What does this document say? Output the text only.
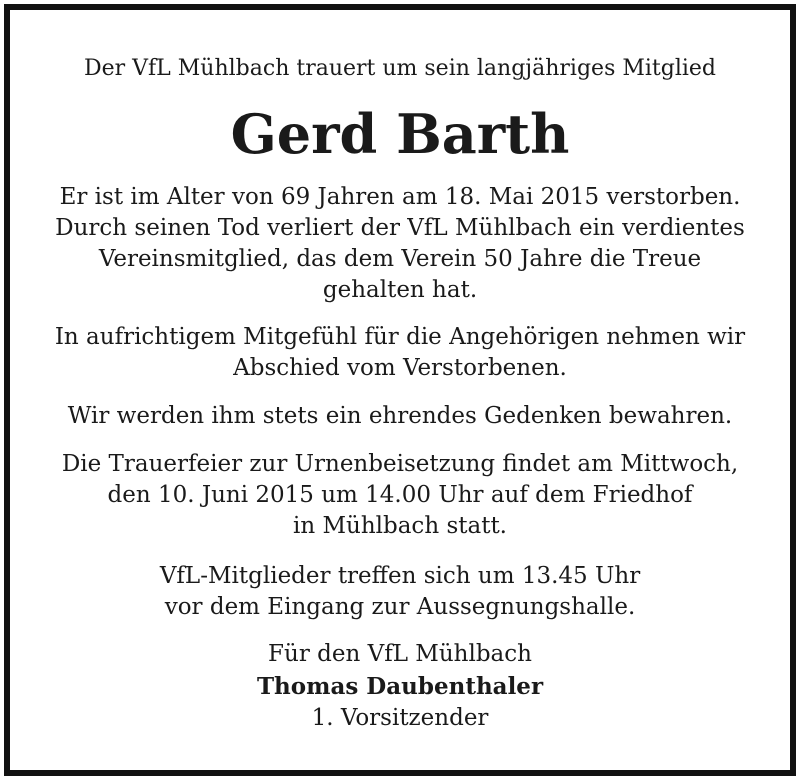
Der VfL Mühlbach trauert um sein langjähriges Mitglied
Gerd Barth
Er ist im Alter von 69 Jahren am 18. Mai 2015 verstorben.
Durch seinen Tod verliert der VfL Mühlbach ein verdientes
Vereinsmitglied, das dem Verein 50 Jahre die Treue
gehalten hat.
In aufrichtigem Mitgefühl für die Angehörigen nehmen wir
Abschied vom Verstorbenen.
Wir werden ihm stets ein ehrendes Gedenken bewahren.
Die Trauerfeier zur Urnenbeisetzung findet am Mittwoch,
den 10. Juni 2015 um 14.00 Uhr auf dem Friedhof
in Mühlbach statt.
VfL-Mitglieder treffen sich um 13.45 Uhr
vor dem Eingang zur Aussegnungshalle.
Für den VfL Mühlbach
Thomas Daubenthaler
1. Vorsitzender
